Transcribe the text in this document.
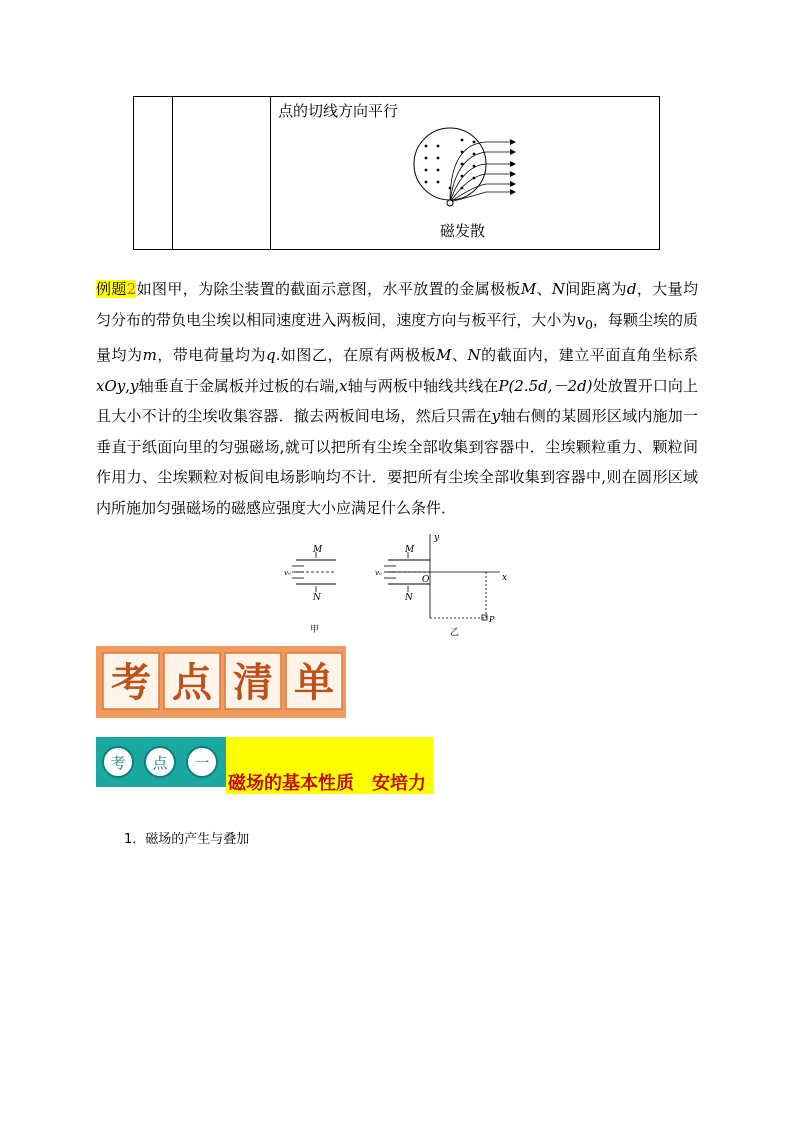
点的切线方向平行
磁发散
例题2如图甲，为除尘装置的截面示意图，水平放置的金属极板M、N间距离为d，大量均匀分布的带负电尘埃以相同速度进入两板间，速度方向与板平行，大小为$v_0$，每颗尘埃的质量均为m，带电荷量均为q.如图乙，在原有两极板M、N的截面内，建立平面直角坐标系xOy,y轴垂直于金属板并过板的右端,x轴与两板中轴线共线在P(2.5d,－2d)处放置开口向上且大小不计的尘埃收集容器．撤去两板间电场，然后只需在y轴右侧的某圆形区域内施加一垂直于纸面向里的匀强磁场,就可以把所有尘埃全部收集到容器中．尘埃颗粒重力、颗粒间作用力、尘埃颗粒对板间电场影响均不计．要把所有尘埃全部收集到容器中,则在圆形区域内所施加匀强磁场的磁感应强度大小应满足什么条件．
M
N
v₀
甲
M
N
v₀
O	x
y
P
乙
考 点 清 单
考	点	一
磁场的基本性质　安培力
1．磁场的产生与叠加
